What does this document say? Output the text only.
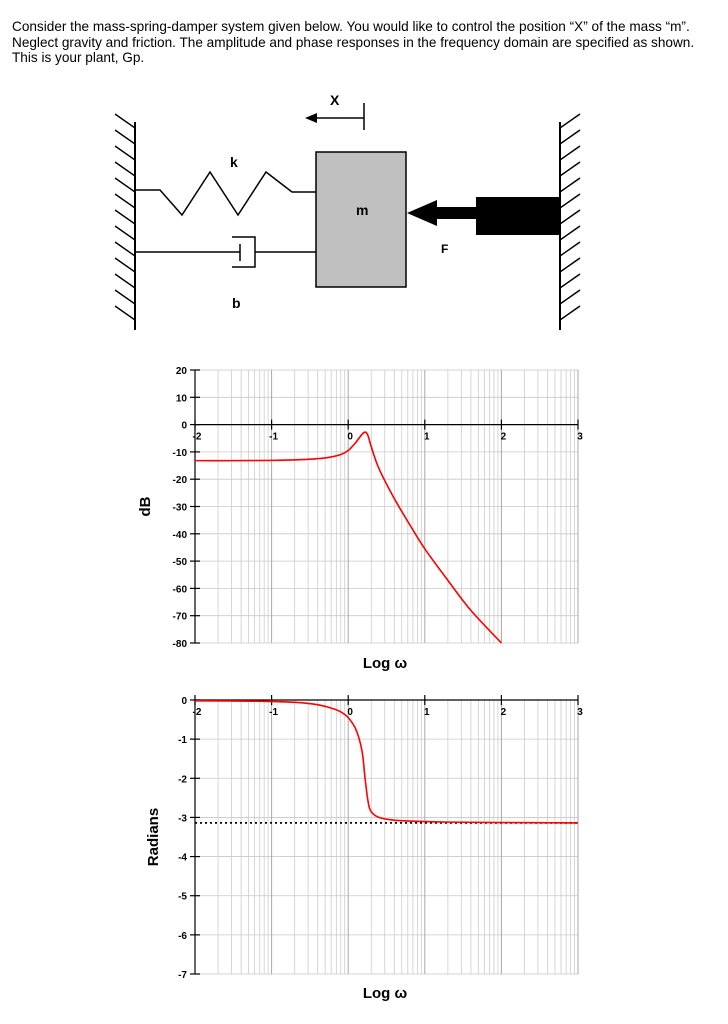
Consider the mass-spring-damper system given below. You would like to control the position “X” of the mass “m”. Neglect gravity and friction. The amplitude and phase responses in the frequency domain are specified as shown. This is your plant, Gp.

k
b
m
F
X
20
10
0
-10
-20
-30
-40
-50
-60
-70
-80
-2	-1	0	1	2	3
dB
Log ω
0
-1
-2
-3
-4
-5
-6
-7
-2	-1	0	1	2	3
Radians
Log ω
